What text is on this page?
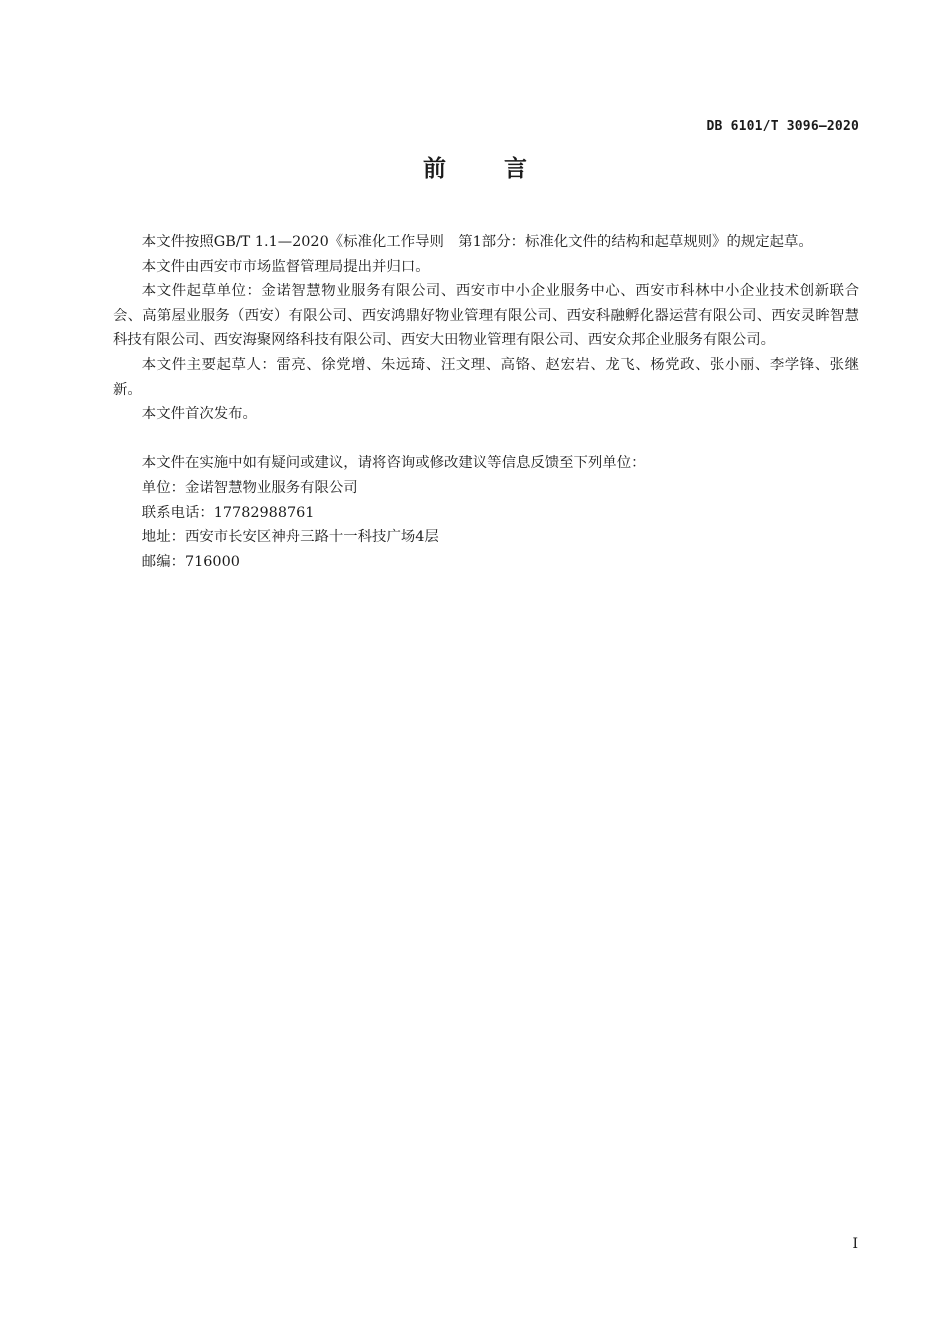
DB 6101/T 3096—2020
前言

本文件按照GB/T 1.1—2020《标准化工作导则　第1部分：标准化文件的结构和起草规则》的规定起草。

本文件由西安市市场监督管理局提出并归口。

本文件起草单位：金诺智慧物业服务有限公司、西安市中小企业服务中心、西安市科林中小企业技术创新联合会、高第屋业服务（西安）有限公司、西安鸿鼎好物业管理有限公司、西安科融孵化器运营有限公司、西安灵眸智慧科技有限公司、西安海聚网络科技有限公司、西安大田物业管理有限公司、西安众邦企业服务有限公司。

本文件主要起草人：雷亮、徐党增、朱远琦、汪文理、高铬、赵宏岩、龙飞、杨党政、张小丽、李学锋、张继新。

本文件首次发布。

本文件在实施中如有疑问或建议，请将咨询或修改建议等信息反馈至下列单位：

单位：金诺智慧物业服务有限公司

联系电话：17782988761

地址：西安市长安区神舟三路十一科技广场4层

邮编：716000

I
